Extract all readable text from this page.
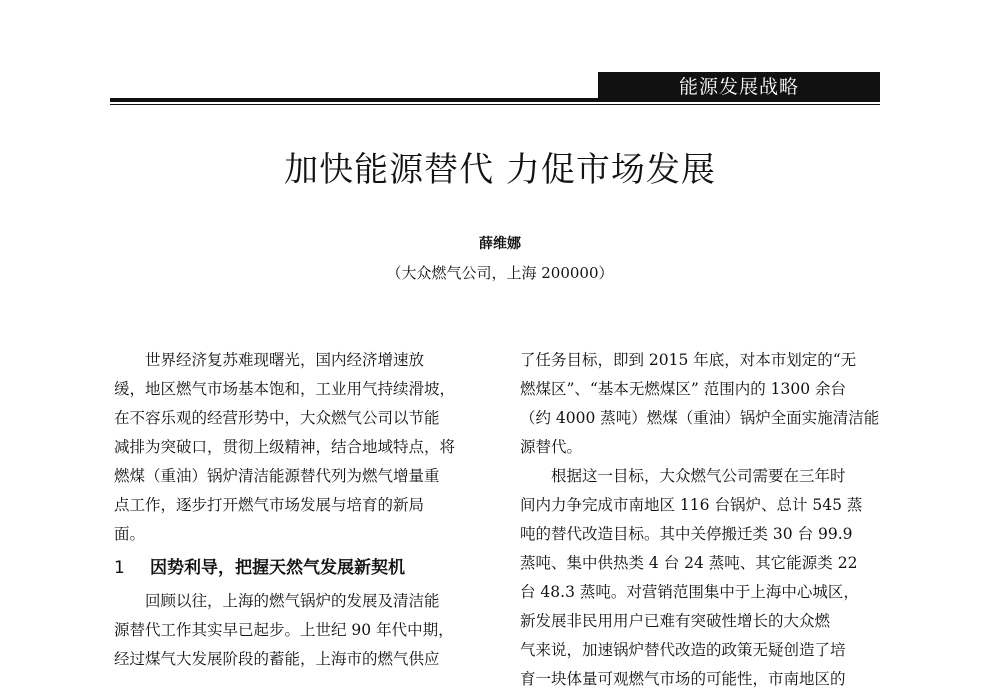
能源发展战略
加快能源替代 力促市场发展
薛维娜
（大众燃气公司，上海 200000）
　　世界经济复苏难现曙光，国内经济增速放
缓，地区燃气市场基本饱和，工业用气持续滑坡，
在不容乐观的经营形势中，大众燃气公司以节能
减排为突破口，贯彻上级精神，结合地域特点，将
燃煤（重油）锅炉清洁能源替代列为燃气增量重
点工作，逐步打开燃气市场发展与培育的新局
面。
1 因势利导，把握天然气发展新契机
　　回顾以往，上海的燃气锅炉的发展及清洁能
源替代工作其实早已起步。上世纪 90 年代中期，
经过煤气大发展阶段的蓄能，上海市的燃气供应
了任务目标，即到 2015 年底，对本市划定的“无
燃煤区”、“基本无燃煤区” 范围内的 1300 余台
（约 4000 蒸吨）燃煤（重油）锅炉全面实施清洁能
源替代。
　　根据这一目标，大众燃气公司需要在三年时
间内力争完成市南地区 116 台锅炉、总计 545 蒸
吨的替代改造目标。其中关停搬迁类 30 台 99.9
蒸吨、集中供热类 4 台 24 蒸吨、其它能源类 22
台 48.3 蒸吨。对营销范围集中于上海中心城区，
新发展非民用用户已难有突破性增长的大众燃
气来说，加速锅炉替代改造的政策无疑创造了培
育一块体量可观燃气市场的可能性，市南地区的
